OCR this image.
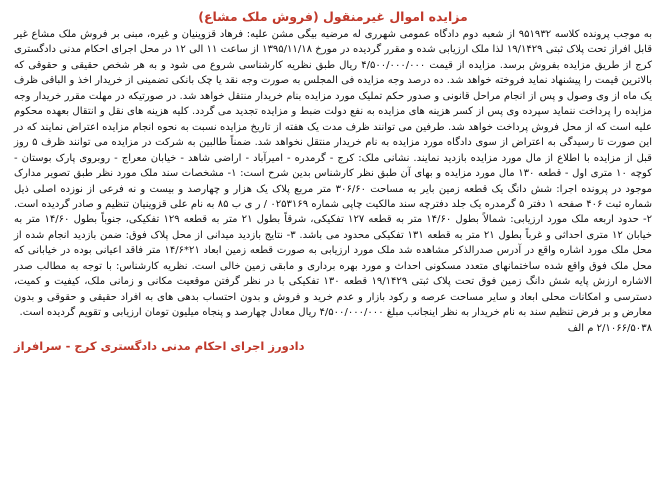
مزایده اموال غیرمنقول (فروش ملک مشاع)

به موجب پرونده کلاسه ۹۵۱۹۳۲ از شعبه دوم دادگاه عمومی شهرری له مرضیه بیگی مشن علیه: فرهاد قزوینیان و غیره، مبنی بر فروش ملک مشاع غیر قابل افراز تحت پلاک ثبتی ۱۹/۱۴۲۹ لذا ملک ارزیابی شده و مقرر گردیده در مورخ ۱۳۹۵/۱۱/۱۸ از ساعت ۱۱ الی ۱۲ در محل اجرای احکام مدنی دادگستری کرج از طریق مزایده بفروش برسد. مزایده از قیمت ۴/۵۰۰/۰۰۰/۰۰۰ ریال طبق نظریه کارشناسی شروع می شود و به هر شخص حقیقی و حقوقی که بالاترین قیمت را پیشنهاد نماید فروخته خواهد شد. ده درصد وجه مزایده فی المجلس به صورت وجه نقد یا چک بانکی تضمینی از خریدار اخذ و الباقی ظرف یک ماه از وی وصول و پس از انجام مراحل قانونی و صدور حکم تملیک مورد مزایده بنام خریدار منتقل خواهد شد. در صورتیکه در مهلت مقرر خریدار وجه مزایده را پرداخت ننماید سپرده وی پس از کسر هزینه های مزایده به نفع دولت ضبط و مزایده تجدید می گردد. کلیه هزینه های نقل و انتقال بعهده محکوم علیه است که از محل فروش پرداخت خواهد شد. طرفین می توانند ظرف مدت یک هفته از تاریخ مزایده نسبت به نحوه انجام مزایده اعتراض نمایند که در این صورت تا رسیدگی به اعتراض از سوی دادگاه مورد مزایده به نام خریدار منتقل نخواهد شد. ضمناً طالبین به شرکت در مزایده می توانند ظرف ۵ روز قبل از مزایده با اطلاع از مال مورد مزایده بازدید نمایند. نشانی ملک: کرج - گرمدره - امیرآباد - اراضی شاهد - خیابان معراج - روبروی پارک بوستان - کوچه ۱۰ متری اول - قطعه ۱۳۰ مال مورد مزایده و بهای آن طبق نظر کارشناس بدین شرح است: ۱- مشخصات سند ملک مورد نظر طبق تصویر مدارک موجود در پرونده اجرا: شش دانگ یک قطعه زمین بایر به مساحت ۳۰۶/۶۰ متر مربع پلاک یک هزار و چهارصد و بیست و نه فرعی از نوزده اصلی ذیل شماره ثبت ۴۰۶ صفحه ۱ دفتر ۵ گرمدره یک جلد دفترچه سند مالکیت چاپی شماره ۰۲۵۳۱۶۹ / ر ی ب ۸۵ به نام علی قزوینیان تنظیم و صادر گردیده است. ۲- حدود اربعه ملک مورد ارزیابی: شمالاً بطول ۱۴/۶۰ متر به قطعه ۱۲۷ تفکیکی، شرقاً بطول ۲۱ متر به قطعه ۱۲۹ تفکیکی، جنوباً بطول ۱۴/۶۰ متر به خیابان ۱۲ متری احداثی و غرباً بطول ۲۱ متر به قطعه ۱۳۱ تفکیکی محدود می باشد. ۳- نتایج بازدید میدانی از محل پلاک فوق: ضمن بازدید انجام شده از محل ملک مورد اشاره واقع در آدرس صدرالذکر مشاهده شد ملک مورد ارزیابی به صورت قطعه زمین ابعاد ۲۱*۱۴/۶ متر فاقد اعیانی بوده در خیابانی که محل ملک فوق واقع شده ساختمانهای متعدد مسکونی احداث و مورد بهره برداری و مابقی زمین خالی است. نظریه کارشناس: با توجه به مطالب صدر الاشاره ارزش پایه شش دانگ زمین فوق تحت پلاک ثبتی ۱۹/۱۴۲۹ قطعه ۱۳۰ تفکیکی با در نظر گرفتن موقعیت مکانی و زمانی ملک، کیفیت و کمیت، دسترسی و امکانات محلی ابعاد و سایر مساحت عرصه و رکود بازار و عدم خرید و فروش و بدون احتساب بدهی های به افراد حقیقی و حقوقی و بدون معارض و بر فرض تنظیم سند به نام خریدار به نظر اینجانب مبلغ ۴/۵۰۰/۰۰۰/۰۰۰ ریال معادل چهارصد و پنجاه میلیون تومان ارزیابی و تقویم گردیده است.

۲/۱۰۶۶/۵۰۳۸ م الف

دادورز اجرای احکام مدنی دادگستری کرج - سرافراز
